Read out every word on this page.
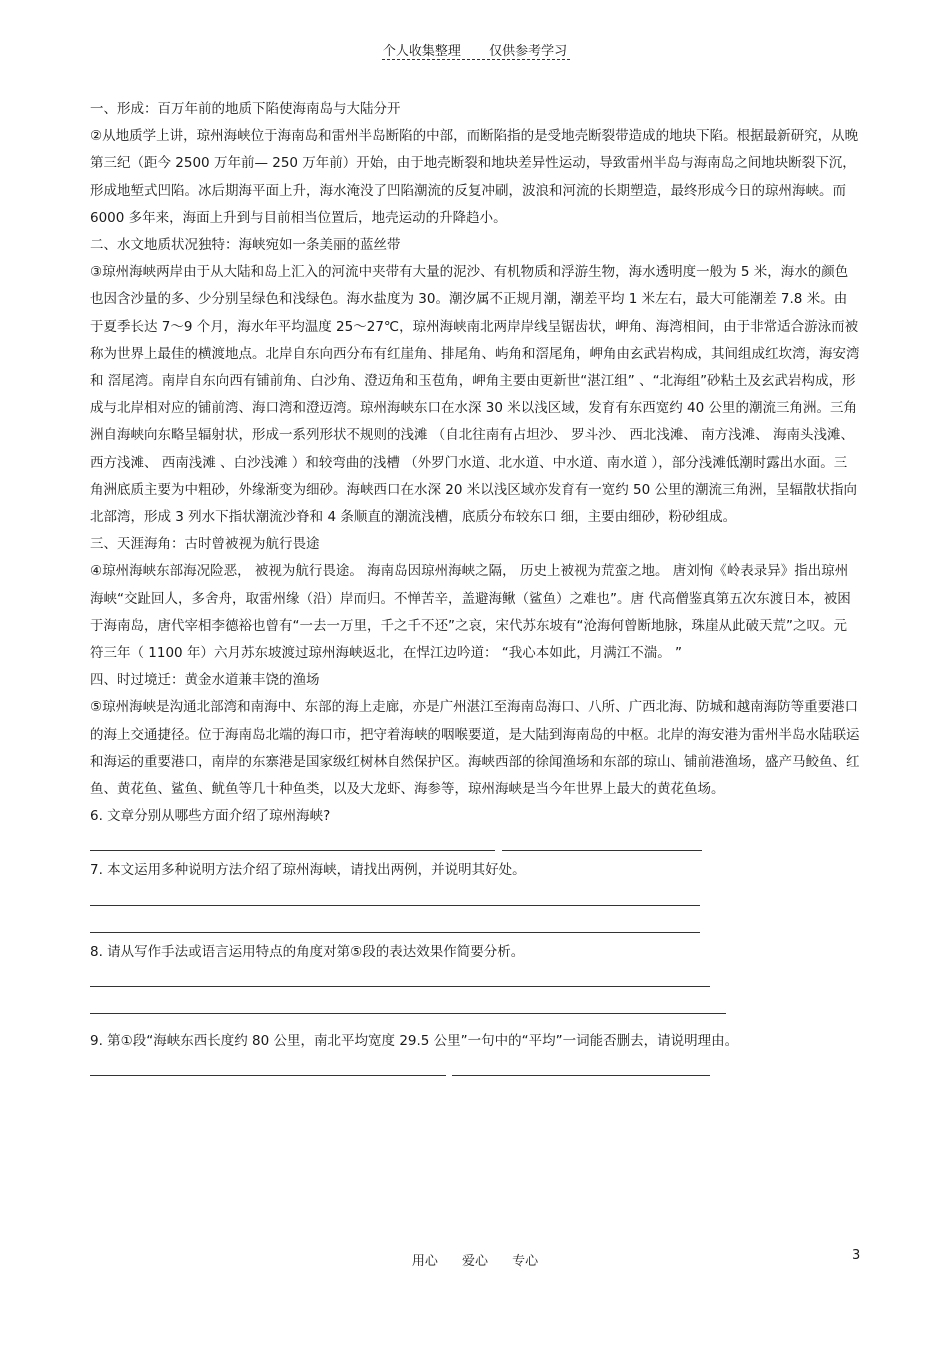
个人收集整理 仅供参考学习

一、形成：百万年前的地质下陷使海南岛与大陆分开

②从地质学上讲，琼州海峡位于海南岛和雷州半岛断陷的中部，而断陷指的是受地壳断裂带造成的地块下陷。根据最新研究，从晚第三纪（距今 2500 万年前— 250 万年前）开始，由于地壳断裂和地块差异性运动，导致雷州半岛与海南岛之间地块断裂下沉，形成地堑式凹陷。冰后期海平面上升，海水淹没了凹陷潮流的反复冲刷，波浪和河流的长期塑造，最终形成今日的琼州海峡。而 6000 多年来，海面上升到与目前相当位置后，地壳运动的升降趋小。

二、水文地质状况独特：海峡宛如一条美丽的蓝丝带

③琼州海峡两岸由于从大陆和岛上汇入的河流中夹带有大量的泥沙、有机物质和浮游生物，海水透明度一般为 5 米，海水的颜色也因含沙量的多、少分别呈绿色和浅绿色。海水盐度为 30。潮汐属不正规月潮，潮差平均 1 米左右，最大可能潮差 7.8 米。由于夏季长达 7～9 个月，海水年平均温度 25～27℃，琼州海峡南北两岸岸线呈锯齿状，岬角、海湾相间，由于非常适合游泳而被称为世界上最佳的横渡地点。北岸自东向西分布有红崖角、排尾角、屿角和滘尾角，岬角由玄武岩构成，其间组成红坎湾，海安湾和 滘尾湾。南岸自东向西有铺前角、白沙角、澄迈角和玉苞角，岬角主要由更新世“湛江组” 、“北海组”砂粘土及玄武岩构成，形成与北岸相对应的铺前湾、海口湾和澄迈湾。琼州海峡东口在水深 30 米以浅区域，发育有东西宽约 40 公里的潮流三角洲。三角洲自海峡向东略呈辐射状，形成一系列形状不规则的浅滩 （自北往南有占坦沙、 罗斗沙、 西北浅滩、 南方浅滩、 海南头浅滩、 西方浅滩、 西南浅滩 、白沙浅滩 ）和较弯曲的浅槽 （外罗门水道、北水道、中水道、南水道 ），部分浅滩低潮时露出水面。三角洲底质主要为中粗砂，外缘渐变为细砂。海峡西口在水深 20 米以浅区域亦发育有一宽约 50 公里的潮流三角洲，呈辐散状指向北部湾，形成 3 列水下指状潮流沙脊和 4 条顺直的潮流浅槽，底质分布较东口 细，主要由细砂，粉砂组成。

三、天涯海角：古时曾被视为航行畏途

④琼州海峡东部海况险恶， 被视为航行畏途。 海南岛因琼州海峡之隔， 历史上被视为荒蛮之地。 唐刘恂《岭表录异》指出琼州海峡“交趾回人，多舍舟，取雷州缘（沿）岸而归。不惮苦辛，盖避海鳅（鲨鱼）之难也”。唐 代高僧鉴真第五次东渡日本，被困于海南岛，唐代宰相李德裕也曾有“一去一万里，千之千不还”之哀，宋代苏东坡有“沧海何曾断地脉，珠崖从此破天荒”之叹。元符三年（ 1100 年）六月苏东坡渡过琼州海峡返北，在悍江边吟道： “我心本如此，月满江不湍。 ”

四、时过境迁：黄金水道兼丰饶的渔场

⑤琼州海峡是沟通北部湾和南海中、东部的海上走廊，亦是广州湛江至海南岛海口、八所、广西北海、防城和越南海防等重要港口的海上交通捷径。位于海南岛北端的海口市，把守着海峡的咽喉要道，是大陆到海南岛的中枢。北岸的海安港为雷州半岛水陆联运和海运的重要港口，南岸的东寨港是国家级红树林自然保护区。海峡西部的徐闻渔场和东部的琼山、铺前港渔场，盛产马鲛鱼、红鱼、黄花鱼、鲨鱼、鱿鱼等几十种鱼类，以及大龙虾、海参等，琼州海峡是当今年世界上最大的黄花鱼场。

6. 文章分别从哪些方面介绍了琼州海峡?

7. 本文运用多种说明方法介绍了琼州海峡，请找出两例，并说明其好处。

8. 请从写作手法或语言运用特点的角度对第⑤段的表达效果作简要分析。

9. 第①段“海峡东西长度约 80 公里，南北平均宽度 29.5 公里”一句中的“平均”一词能否删去，请说明理由。

用心 爱心 专心	3
